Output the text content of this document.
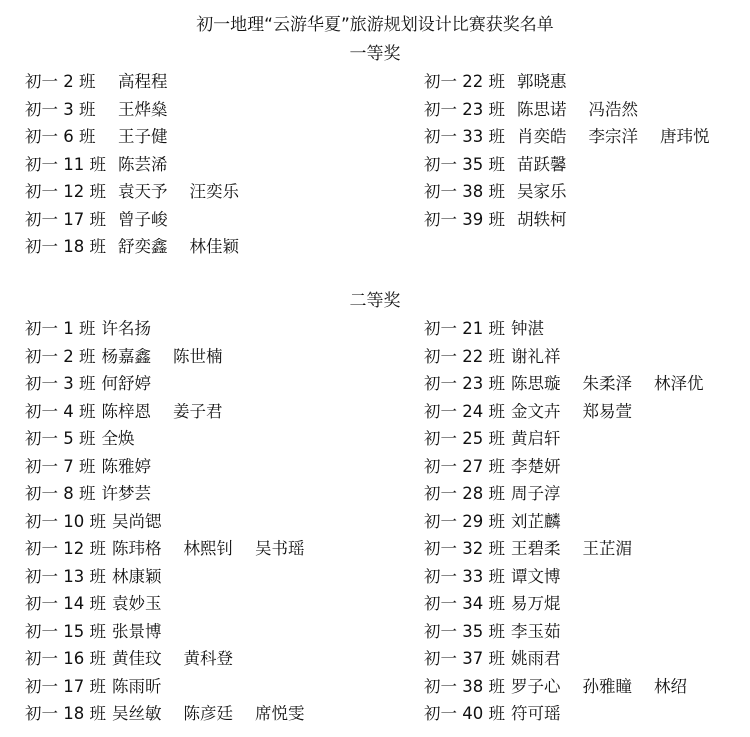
初一地理“云游华夏”旅游规划设计比赛获奖名单
一等奖
初一 2 班	高程程
初一 3 班	王烨燊
初一 6 班	王子健
初一 11 班 陈芸浠
初一 12 班 袁天予 汪奕乐
初一 17 班 曾子峻
初一 18 班 舒奕鑫 林佳颖
初一 22 班 郭晓惠
初一 23 班 陈思诺 冯浩然
初一 33 班 肖奕皓 李宗洋 唐玮悦
初一 35 班 苗跃馨
初一 38 班 吴家乐
初一 39 班 胡轶柯
二等奖
初一 1 班 许名扬
初一 2 班 杨嘉鑫 陈世楠
初一 3 班 何舒婷
初一 4 班 陈梓恩 姜子君
初一 5 班 全焕
初一 7 班 陈雅婷
初一 8 班 许梦芸
初一 10 班 吴尚锶
初一 12 班 陈玮格 林熙钊 吴书瑶
初一 13 班 林康颖
初一 14 班 袁妙玉
初一 15 班 张景博
初一 16 班 黄佳玟 黄科登
初一 17 班 陈雨昕
初一 18 班 吴丝敏 陈彦廷 席悦雯
初一 21 班 钟湛
初一 22 班 谢礼祥
初一 23 班 陈思璇 朱柔泽 林泽优
初一 24 班 金文卉 郑易萱
初一 25 班 黄启轩
初一 27 班 李楚妍
初一 28 班 周子淳
初一 29 班 刘芷麟
初一 32 班 王碧柔 王芷湄
初一 33 班 谭文博
初一 34 班 易万焜
初一 35 班 李玉茹
初一 37 班 姚雨君
初一 38 班 罗子心 孙雅瞳 林绍
初一 40 班 符可瑶
